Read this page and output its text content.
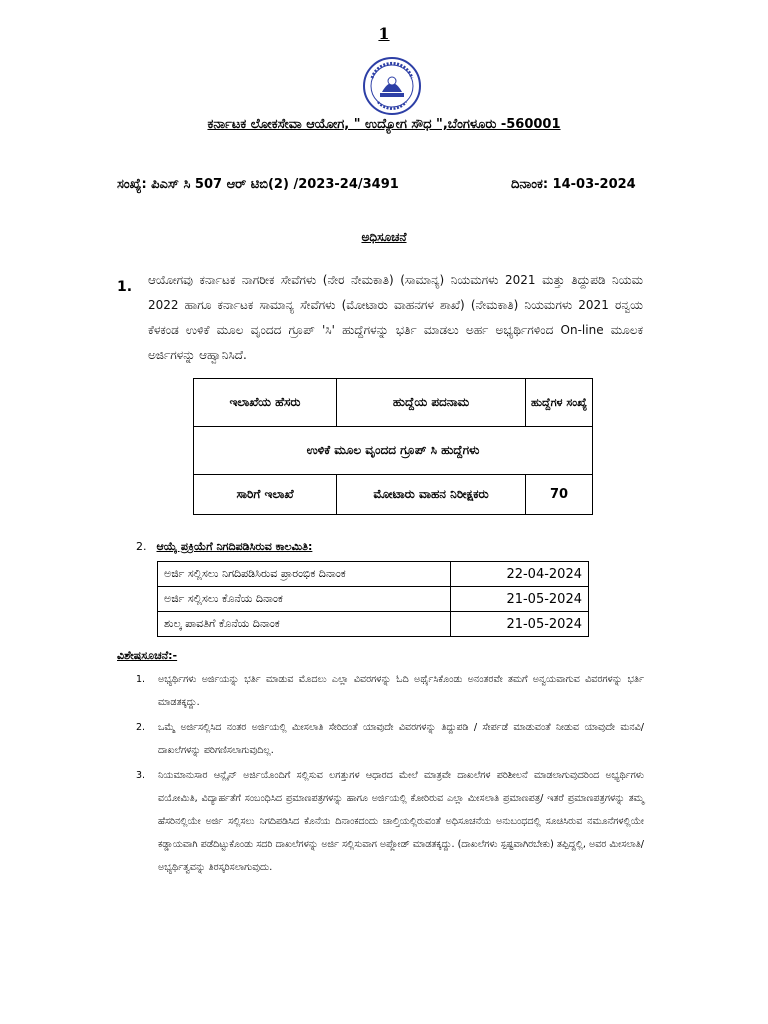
1
ಕರ್ನಾಟಕ ಲೋಕಸೇವಾ ಆಯೋಗ, " ಉದ್ಯೋಗ ಸೌಧ ",ಬೆಂಗಳೂರು -560001
ಸಂಖ್ಯೆ: ಪಿಎಸ್ ಸಿ 507 ಆರ್ ಟಿಬಿ(2) /2023-24/3491	ದಿನಾಂಕ: 14-03-2024
ಅಧಿಸೂಚನೆ
1. ಆಯೋಗವು ಕರ್ನಾಟಕ ನಾಗರೀಕ ಸೇವೆಗಳು (ನೇರ ನೇಮಕಾತಿ) (ಸಾಮಾನ್ಯ) ನಿಯಮಗಳು 2021 ಮತ್ತು ತಿದ್ದುಪಡಿ ನಿಯಮ 2022 ಹಾಗೂ ಕರ್ನಾಟಕ ಸಾಮಾನ್ಯ ಸೇವೆಗಳು (ಮೋಟಾರು ವಾಹನಗಳ ಶಾಖೆ) (ನೇಮಕಾತಿ) ನಿಯಮಗಳು 2021 ರನ್ವಯ ಕೆಳಕಂಡ ಉಳಿಕೆ ಮೂಲ ವೃಂದದ ಗ್ರೂಪ್ 'ಸಿ' ಹುದ್ದೆಗಳನ್ನು ಭರ್ತಿ ಮಾಡಲು ಅರ್ಹ ಅಭ್ಯರ್ಥಿಗಳಿಂದ On-line ಮೂಲಕ ಅರ್ಜಿಗಳನ್ನು ಆಹ್ವಾನಿಸಿದೆ.
ಇಲಾಖೆಯ ಹೆಸರು	ಹುದ್ದೆಯ ಪದನಾಮ	ಹುದ್ದೆಗಳ ಸಂಖ್ಯೆ
ಉಳಿಕೆ ಮೂಲ ವೃಂದದ ಗ್ರೂಪ್ ಸಿ ಹುದ್ದೆಗಳು		
ಸಾರಿಗೆ ಇಲಾಖೆ	ಮೋಟಾರು ವಾಹನ ನಿರೀಕ್ಷಕರು	70
2. ಆಯ್ಕೆ ಪ್ರಕ್ರಿಯೆಗೆ ನಿಗದಿಪಡಿಸಿರುವ ಕಾಲಮಿತಿ:
ಅರ್ಜಿ ಸಲ್ಲಿಸಲು ನಿಗದಿಪಡಿಸಿರುವ ಪ್ರಾರಂಭಿಕ ದಿನಾಂಕ	22-04-2024
ಅರ್ಜಿ ಸಲ್ಲಿಸಲು ಕೊನೆಯ ದಿನಾಂಕ	21-05-2024
ಶುಲ್ಕ ಪಾವತಿಗೆ ಕೊನೆಯ ದಿನಾಂಕ	21-05-2024
ವಿಶೇಷಸೂಚನೆ:-
1.	ಅಭ್ಯರ್ಥಿಗಳು ಅರ್ಜಿಯನ್ನು ಭರ್ತಿ ಮಾಡುವ ಮೊದಲು ಎಲ್ಲಾ ವಿವರಗಳನ್ನು ಓದಿ ಅರ್ಥೈಸಿಕೊಂಡು ಅನಂತರವೇ ತಮಗೆ ಅನ್ವಯವಾಗುವ ವಿವರಗಳನ್ನು ಭರ್ತಿ ಮಾಡತಕ್ಕದ್ದು.
2.	ಒಮ್ಮೆ ಅರ್ಜಿಸಲ್ಲಿಸಿದ ನಂತರ ಅರ್ಜಿಯಲ್ಲಿ ಮೀಸಲಾತಿ ಸೇರಿದಂತೆ ಯಾವುದೇ ವಿವರಗಳನ್ನು ತಿದ್ದುಪಡಿ / ಸೇರ್ಪಡೆ ಮಾಡುವಂತೆ ನೀಡುವ ಯಾವುದೇ ಮನವಿ/ ದಾಖಲೆಗಳನ್ನು ಪರಿಗಣಿಸಲಾಗುವುದಿಲ್ಲ.
3.	ನಿಯಮಾನುಸಾರ ಆನ್ಲೈನ್ ಅರ್ಜಿಯೊಂದಿಗೆ ಸಲ್ಲಿಸುವ ಲಗತ್ತುಗಳ ಆಧಾರದ ಮೇಲೆ ಮಾತ್ರವೇ ದಾಖಲೆಗಳ ಪರಿಶೀಲನೆ ಮಾಡಲಾಗುವುದರಿಂದ ಅಭ್ಯರ್ಥಿಗಳು ವಯೋಮಿತಿ, ವಿದ್ಯಾರ್ಹತೆಗೆ ಸಂಬಂಧಿಸಿದ ಪ್ರಮಾಣಪತ್ರಗಳನ್ನು ಹಾಗೂ ಅರ್ಜಿಯಲ್ಲಿ ಕೋರಿರುವ ಎಲ್ಲಾ ಮೀಸಲಾತಿ ಪ್ರಮಾಣಪತ್ರ/ ಇತರೆ ಪ್ರಮಾಣಪತ್ರಗಳನ್ನು ತಮ್ಮ ಹೆಸರಿನಲ್ಲಿಯೇ ಅರ್ಜಿ ಸಲ್ಲಿಸಲು ನಿಗದಿಪಡಿಸಿದ ಕೊನೆಯ ದಿನಾಂಕದಂದು ಚಾಲ್ತಿಯಲ್ಲಿರುವಂತೆ ಅಧಿಸೂಚನೆಯ ಅನುಬಂಧದಲ್ಲಿ ಸೂಚಿಸಿರುವ ನಮೂನೆಗಳಲ್ಲಿಯೇ ಕಡ್ಡಾಯವಾಗಿ ಪಡೆದಿಟ್ಟುಕೊಂಡು ಸದರಿ ದಾಖಲೆಗಳನ್ನು ಅರ್ಜಿ ಸಲ್ಲಿಸುವಾಗ ಅಪ್ಲೋಡ್ ಮಾಡತಕ್ಕದ್ದು. (ದಾಖಲೆಗಳು ಸ್ಪಷ್ಟವಾಗಿರಬೇಕು) ತಪ್ಪಿದ್ದಲ್ಲಿ, ಅವರ ಮೀಸಲಾತಿ/ಅಭ್ಯರ್ಥಿತ್ವವನ್ನು ತಿರಸ್ಕರಿಸಲಾಗುವುದು.
